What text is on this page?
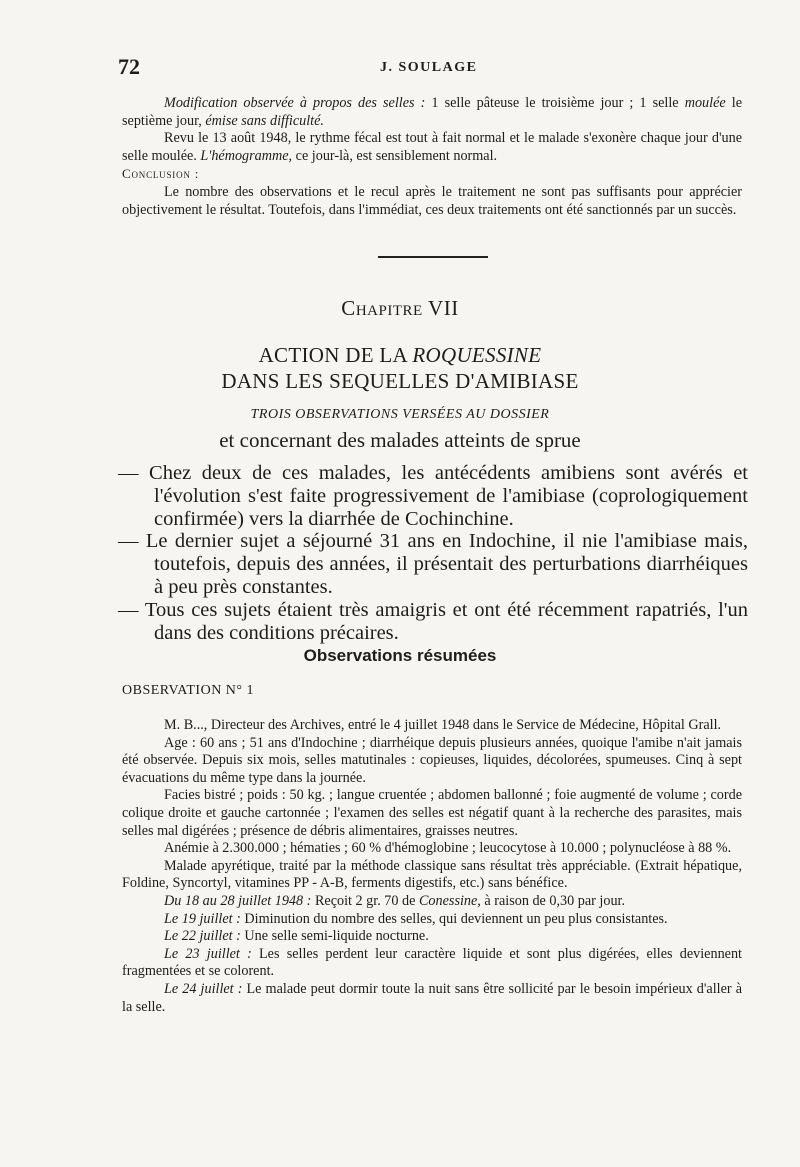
72	J. SOULAGE
Modification observée à propos des selles : 1 selle pâteuse le troisième jour ; 1 selle moulée le septième jour, émise sans difficulté.
Revu le 13 août 1948, le rythme fécal est tout à fait normal et le malade s'exonère chaque jour d'une selle moulée. L'hémogramme, ce jour-là, est sensiblement normal.
Conclusion :
Le nombre des observations et le recul après le traitement ne sont pas suffisants pour apprécier objectivement le résultat. Toutefois, dans l'immédiat, ces deux traitements ont été sanctionnés par un succès.
Chapitre VII
ACTION DE LA ROQUESSINE
DANS LES SEQUELLES D'AMIBIASE
TROIS OBSERVATIONS VERSÉES AU DOSSIER
et concernant des malades atteints de sprue

— Chez deux de ces malades, les antécédents amibiens sont avérés et l'évolution s'est faite progressivement de l'amibiase (coprologiquement confirmée) vers la diarrhée de Cochinchine.

— Le dernier sujet a séjourné 31 ans en Indochine, il nie l'amibiase mais, toutefois, depuis des années, il présentait des perturbations diarrhéiques à peu près constantes.

— Tous ces sujets étaient très amaigris et ont été récemment rapatriés, l'un dans des conditions précaires.

Observations résumées
OBSERVATION N° 1

M. B..., Directeur des Archives, entré le 4 juillet 1948 dans le Service de Médecine, Hôpital Grall.

Age : 60 ans ; 51 ans d'Indochine ; diarrhéique depuis plusieurs années, quoique l'amibe n'ait jamais été observée. Depuis six mois, selles matutinales : copieuses, liquides, décolorées, spumeuses. Cinq à sept évacuations du même type dans la journée.

Facies bistré ; poids : 50 kg. ; langue cruentée ; abdomen ballonné ; foie augmenté de volume ; corde colique droite et gauche cartonnée ; l'examen des selles est négatif quant à la recherche des parasites, mais selles mal digérées ; présence de débris alimentaires, graisses neutres.

Anémie à 2.300.000 ; hématies ; 60 % d'hémoglobine ; leucocytose à 10.000 ; polynucléose à 88 %.

Malade apyrétique, traité par la méthode classique sans résultat très appréciable. (Extrait hépatique, Foldine, Syncortyl, vitamines PP - A-B, ferments digestifs, etc.) sans bénéfice.

Du 18 au 28 juillet 1948 : Reçoit 2 gr. 70 de Conessine, à raison de 0,30 par jour.

Le 19 juillet : Diminution du nombre des selles, qui deviennent un peu plus consistantes.

Le 22 juillet : Une selle semi-liquide nocturne.

Le 23 juillet : Les selles perdent leur caractère liquide et sont plus digérées, elles deviennent fragmentées et se colorent.

Le 24 juillet : Le malade peut dormir toute la nuit sans être sollicité par le besoin impérieux d'aller à la selle.
